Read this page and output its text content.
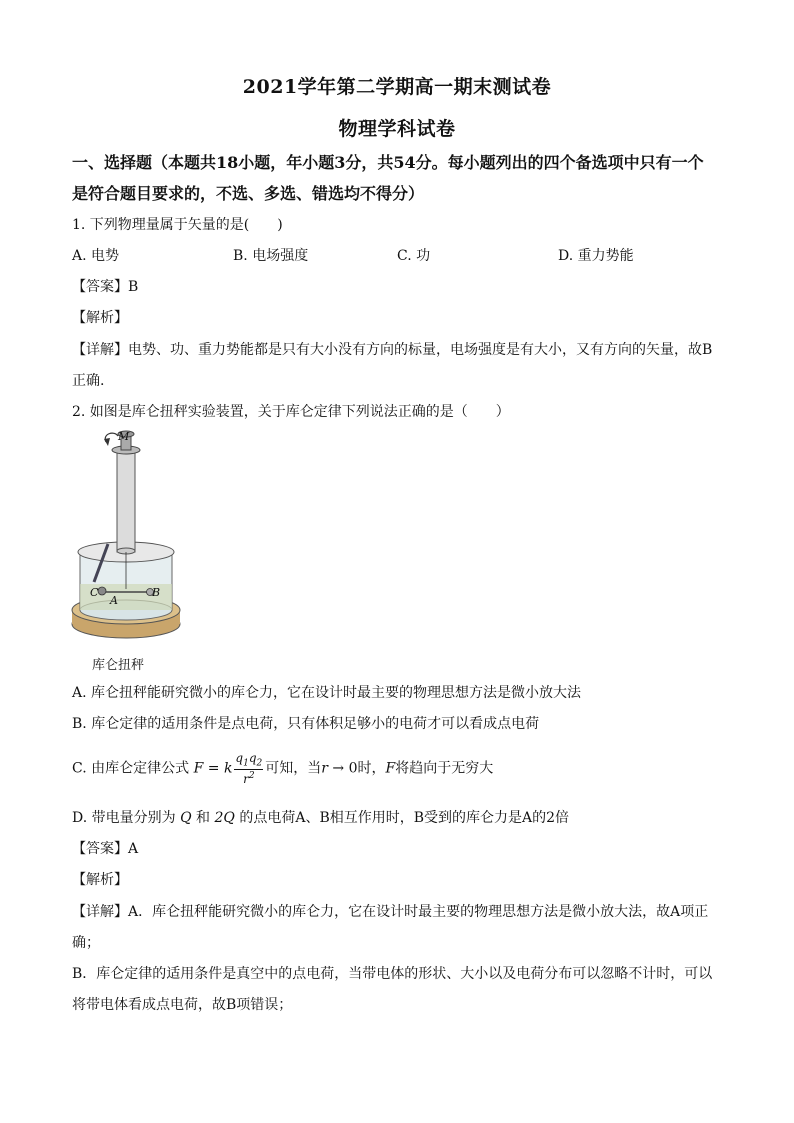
2021学年第二学期高一期末测试卷
物理学科试卷
一、选择题（本题共18小题，年小题3分，共54分。每小题列出的四个备选项中只有一个
是符合题目要求的，不选、多选、错选均不得分）
1. 下列物理量属于矢量的是(　　)
A. 电势	B. 电场强度	C. 功	D. 重力势能
【答案】B
【解析】
【详解】电势、功、重力势能都是只有大小没有方向的标量，电场强度是有大小，又有方向的矢量，故B
正确.
2. 如图是库仑扭秤实验装置，关于库仑定律下列说法正确的是（　　）
M
C
A
B
库仑扭秤
A. 库仑扭秤能研究微小的库仑力，它在设计时最主要的物理思想方法是微小放大法
B. 库仑定律的适用条件是点电荷，只有体积足够小的电荷才可以看成点电荷
C. 由库仑定律公式 F = k $\frac{q_1q_2}{r^2}$ 可知，当r → 0时，F将趋向于无穷大
D. 带电量分别为 Q 和 2Q 的点电荷A、B相互作用时，B受到的库仑力是A的2倍
【答案】A
【解析】
【详解】A．库仑扭秤能研究微小的库仑力，它在设计时最主要的物理思想方法是微小放大法，故A项正
确；
B．库仑定律的适用条件是真空中的点电荷，当带电体的形状、大小以及电荷分布可以忽略不计时，可以
将带电体看成点电荷，故B项错误；
